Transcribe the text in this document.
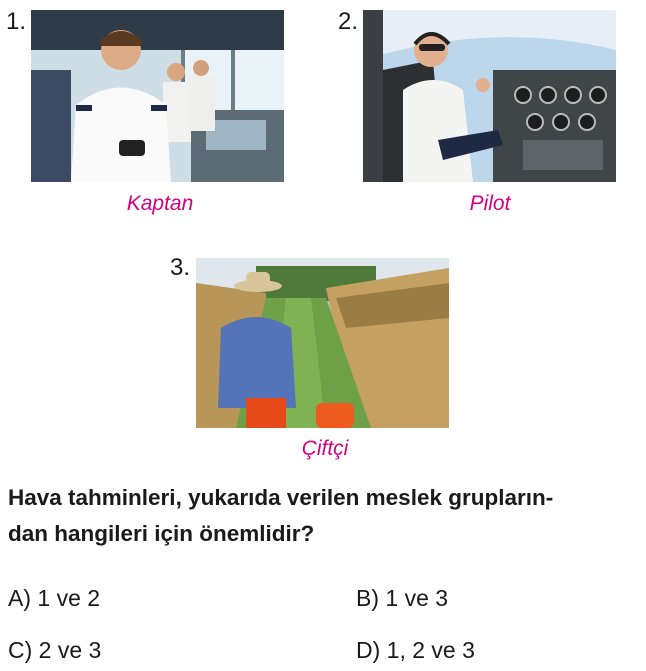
1.
Kaptan
2.
Pilot
3.
Çiftçi
Hava tahminleri, yukarıda verilen meslek grupların-
dan hangileri için önemlidir?
A) 1 ve 2	B) 1 ve 3
C) 2 ve 3	D) 1, 2 ve 3
